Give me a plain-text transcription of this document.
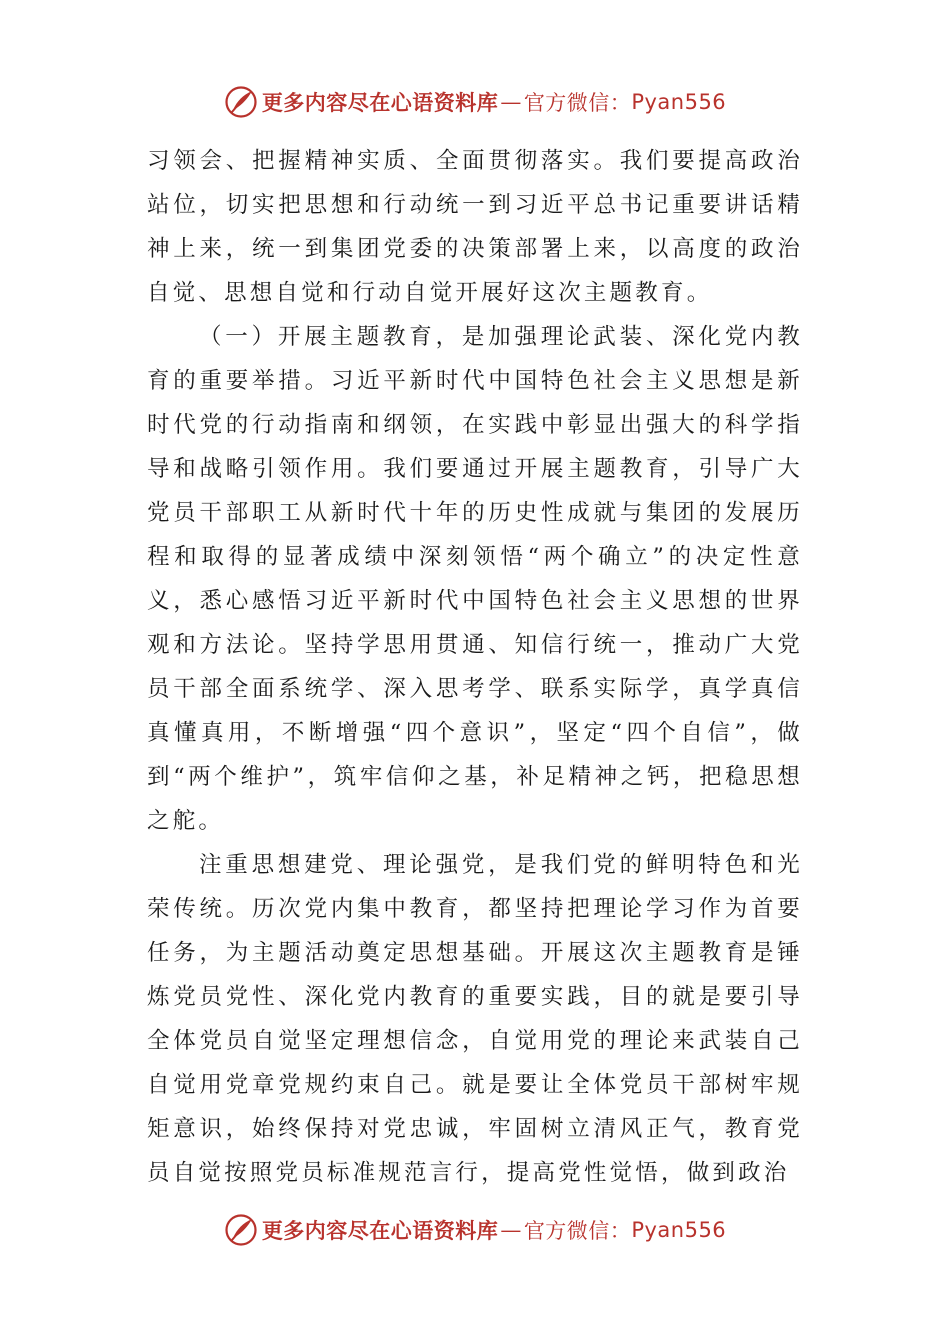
更多内容尽在心语资料库 — 官方微信： Pyan556

习领会、把握精神实质、全面贯彻落实。我们要提高政治站位，切实把思想和行动统一到习近平总书记重要讲话精神上来，统一到集团党委的决策部署上来，以高度的政治自觉、思想自觉和行动自觉开展好这次主题教育。

（一）开展主题教育，是加强理论武装、深化党内教育的重要举措。习近平新时代中国特色社会主义思想是新时代党的行动指南和纲领，在实践中彰显出强大的科学指导和战略引领作用。我们要通过开展主题教育，引导广大党员干部职工从新时代十年的历史性成就与集团的发展历程和取得的显著成绩中深刻领悟“两个确立”的决定性意义，悉心感悟习近平新时代中国特色社会主义思想的世界观和方法论。坚持学思用贯通、知信行统一，推动广大党员干部全面系统学、深入思考学、联系实际学，真学真信真懂真用，不断增强“四个意识”，坚定“四个自信”，做到“两个维护”，筑牢信仰之基，补足精神之钙，把稳思想之舵。

注重思想建党、理论强党，是我们党的鲜明特色和光荣传统。历次党内集中教育，都坚持把理论学习作为首要任务，为主题活动奠定思想基础。开展这次主题教育是锤炼党员党性、深化党内教育的重要实践，目的就是要引导全体党员自觉坚定理想信念，自觉用党的理论来武装自己自觉用党章党规约束自己。就是要让全体党员干部树牢规矩意识，始终保持对党忠诚，牢固树立清风正气，教育党员自觉按照党员标准规范言行，提高党性觉悟，做到政治

更多内容尽在心语资料库 — 官方微信： Pyan556
